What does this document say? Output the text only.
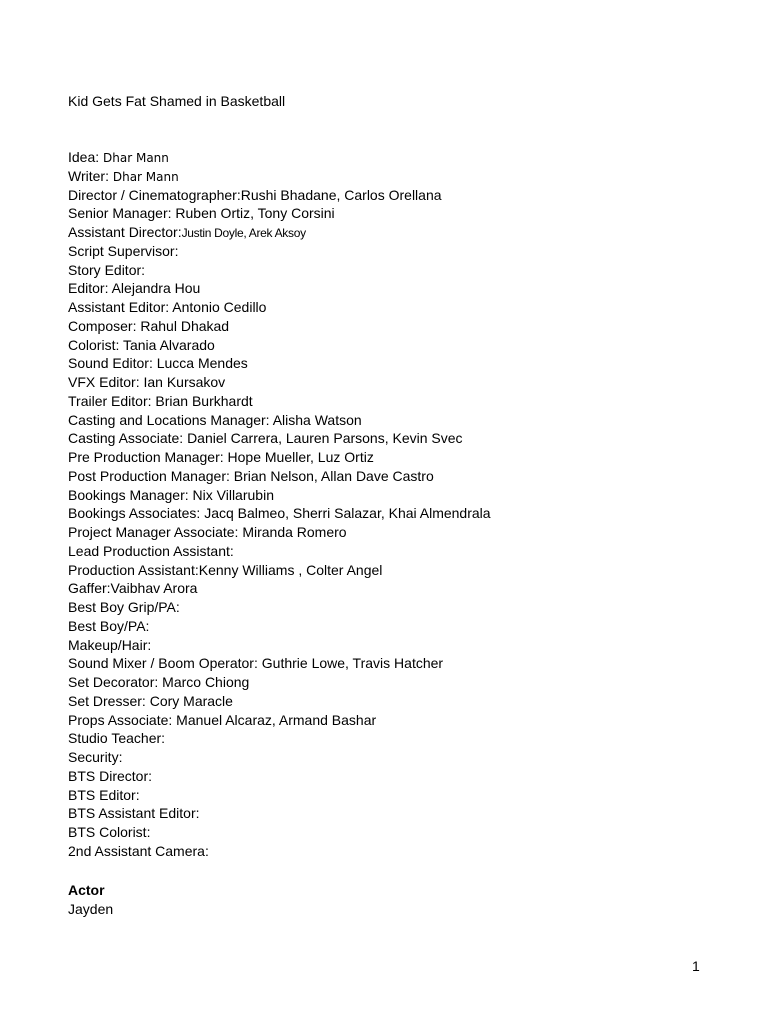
Kid Gets Fat Shamed in Basketball
Idea: Dhar Mann
Writer: Dhar Mann
Director / Cinematographer:Rushi Bhadane, Carlos Orellana
Senior Manager: Ruben Ortiz, Tony Corsini
Assistant Director:Justin Doyle, Arek Aksoy
Script Supervisor:
Story Editor:
Editor: Alejandra Hou
Assistant Editor: Antonio Cedillo
Composer: Rahul Dhakad
Colorist: Tania Alvarado
Sound Editor: Lucca Mendes
VFX Editor: Ian Kursakov
Trailer Editor: Brian Burkhardt
Casting and Locations Manager: Alisha Watson
Casting Associate: Daniel Carrera, Lauren Parsons, Kevin Svec
Pre Production Manager: Hope Mueller, Luz Ortiz
Post Production Manager: Brian Nelson, Allan Dave Castro
Bookings Manager: Nix Villarubin
Bookings Associates: Jacq Balmeo, Sherri Salazar, Khai Almendrala
Project Manager Associate: Miranda Romero
Lead Production Assistant:
Production Assistant:Kenny Williams , Colter Angel
Gaffer:Vaibhav Arora
Best Boy Grip/PA:
Best Boy/PA:
Makeup/Hair:
Sound Mixer / Boom Operator: Guthrie Lowe, Travis Hatcher
Set Decorator: Marco Chiong
Set Dresser: Cory Maracle
Props Associate: Manuel Alcaraz, Armand Bashar
Studio Teacher:
Security:
BTS Director:
BTS Editor:
BTS Assistant Editor:
BTS Colorist:
2nd Assistant Camera:
Actor
Jayden
1
